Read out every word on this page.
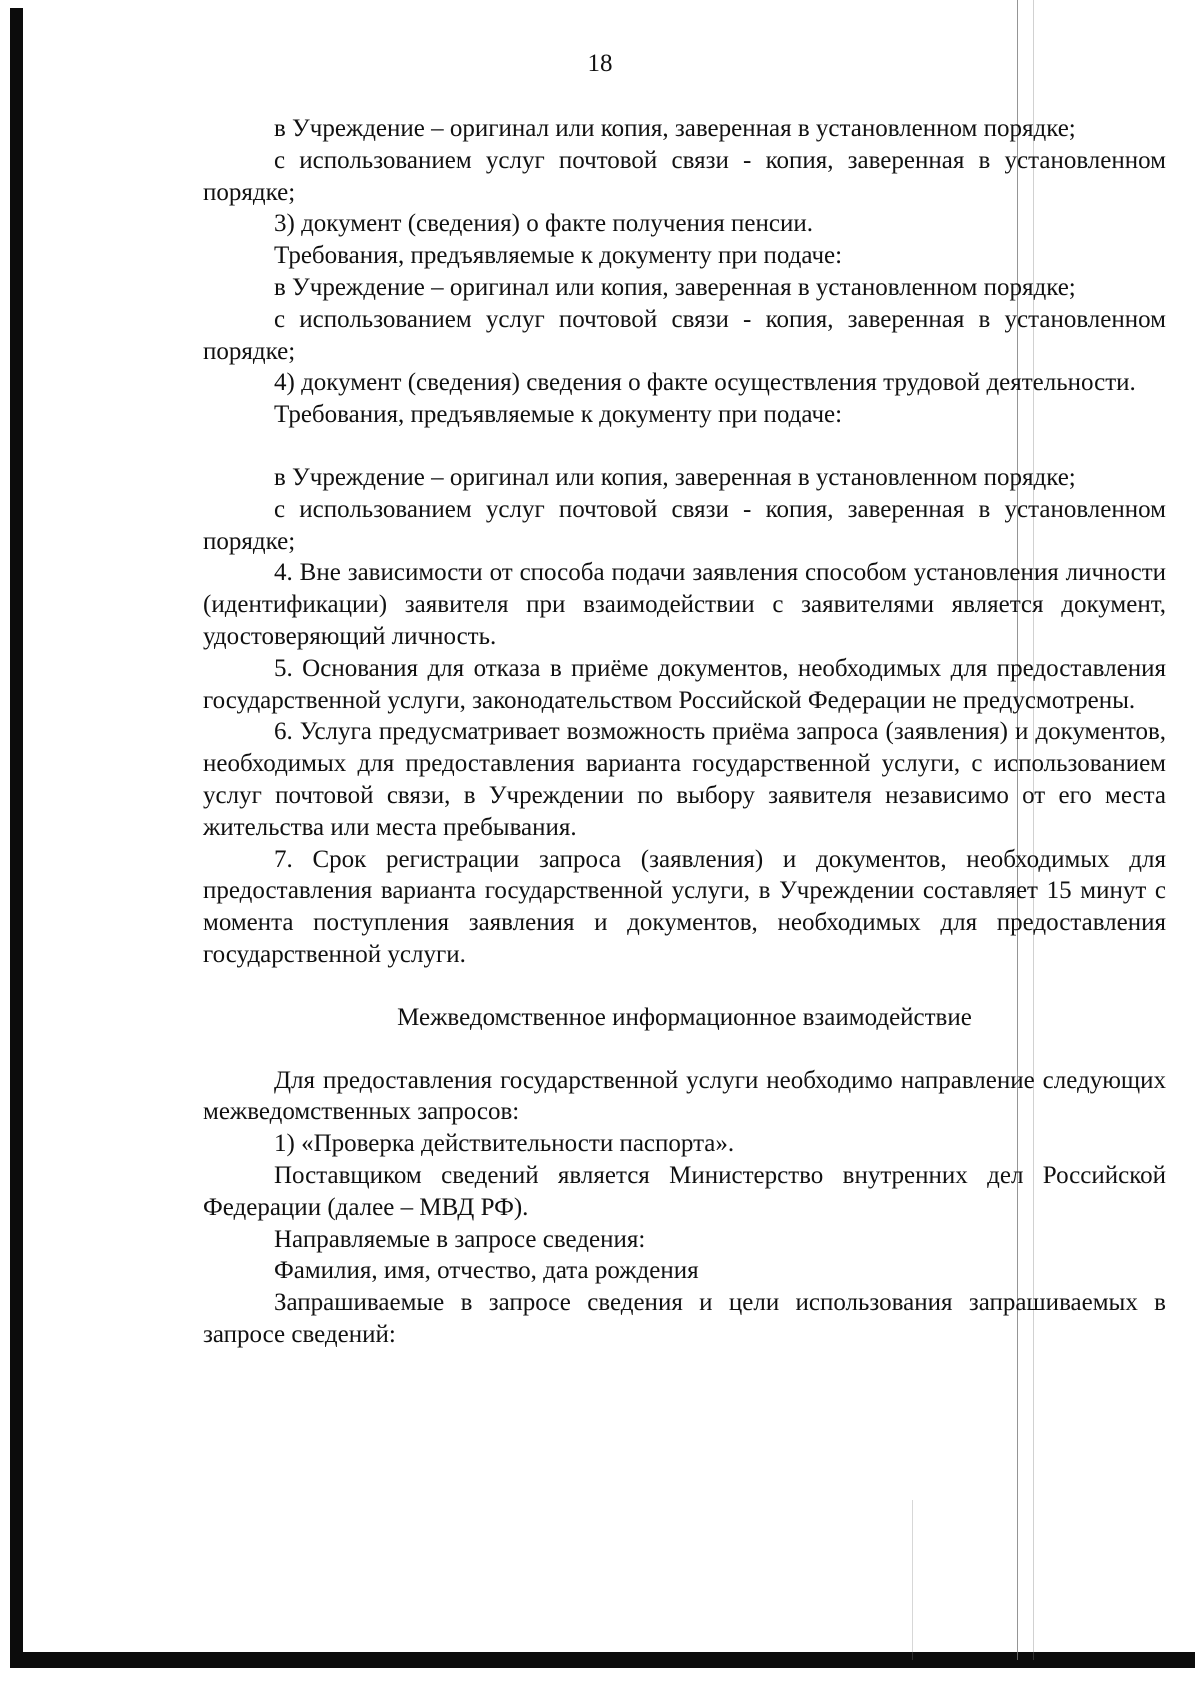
18

в Учреждение – оригинал или копия, заверенная в установленном порядке;

с использованием услуг почтовой связи - копия, заверенная в установленном порядке;

3) документ (сведения) о факте получения пенсии.

Требования, предъявляемые к документу при подаче:

в Учреждение – оригинал или копия, заверенная в установленном порядке;

с использованием услуг почтовой связи - копия, заверенная в установленном порядке;

4) документ (сведения) сведения о факте осуществления трудовой деятельности.

Требования, предъявляемые к документу при подаче:

в Учреждение – оригинал или копия, заверенная в установленном порядке;

с использованием услуг почтовой связи - копия, заверенная в установленном порядке;

4. Вне зависимости от способа подачи заявления способом установления личности (идентификации) заявителя при взаимодействии с заявителями является документ, удостоверяющий личность.

5. Основания для отказа в приёме документов, необходимых для предоставления государственной услуги, законодательством Российской Федерации не предусмотрены.

6. Услуга предусматривает возможность приёма запроса (заявления) и документов, необходимых для предоставления варианта государственной услуги, с использованием услуг почтовой связи, в Учреждении по выбору заявителя независимо от его места жительства или места пребывания.

7. Срок регистрации запроса (заявления) и документов, необходимых для предоставления варианта государственной услуги, в Учреждении составляет 15 минут с момента поступления заявления и документов, необходимых для предоставления государственной услуги.

Межведомственное информационное взаимодействие

Для предоставления государственной услуги необходимо направление следующих межведомственных запросов:

1) «Проверка действительности паспорта».

Поставщиком сведений является Министерство внутренних дел Российской Федерации (далее – МВД РФ).

Направляемые в запросе сведения:

Фамилия, имя, отчество, дата рождения

Запрашиваемые в запросе сведения и цели использования запрашиваемых в запросе сведений:
